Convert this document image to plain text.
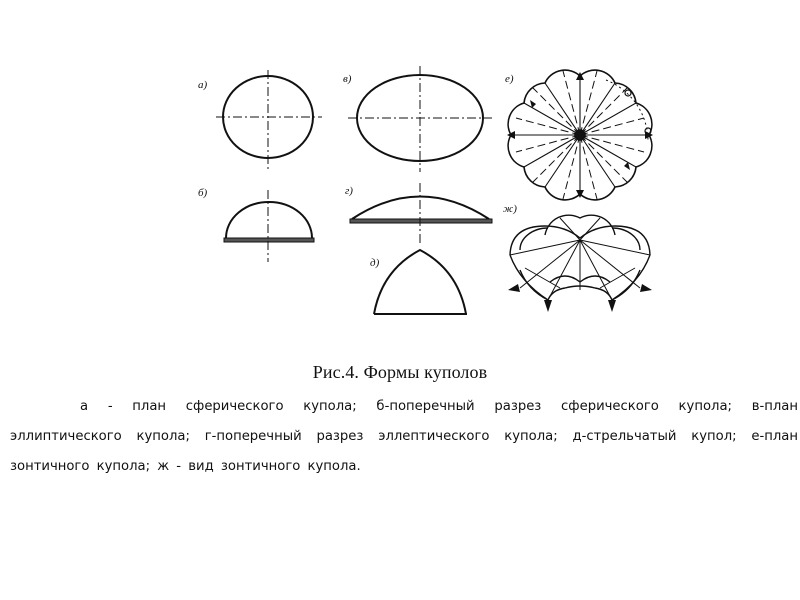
а)
б)
в)
г)
д)
е)
ж)
Рис.4. Формы куполов
а - план сферического купола; б-поперечный разрез сферического купола; в-план эллиптического купола; г-поперечный разрез эллептического купола; д-стрельчатый купол; е-план зонтичного купола; ж - вид зонтичного купола.
